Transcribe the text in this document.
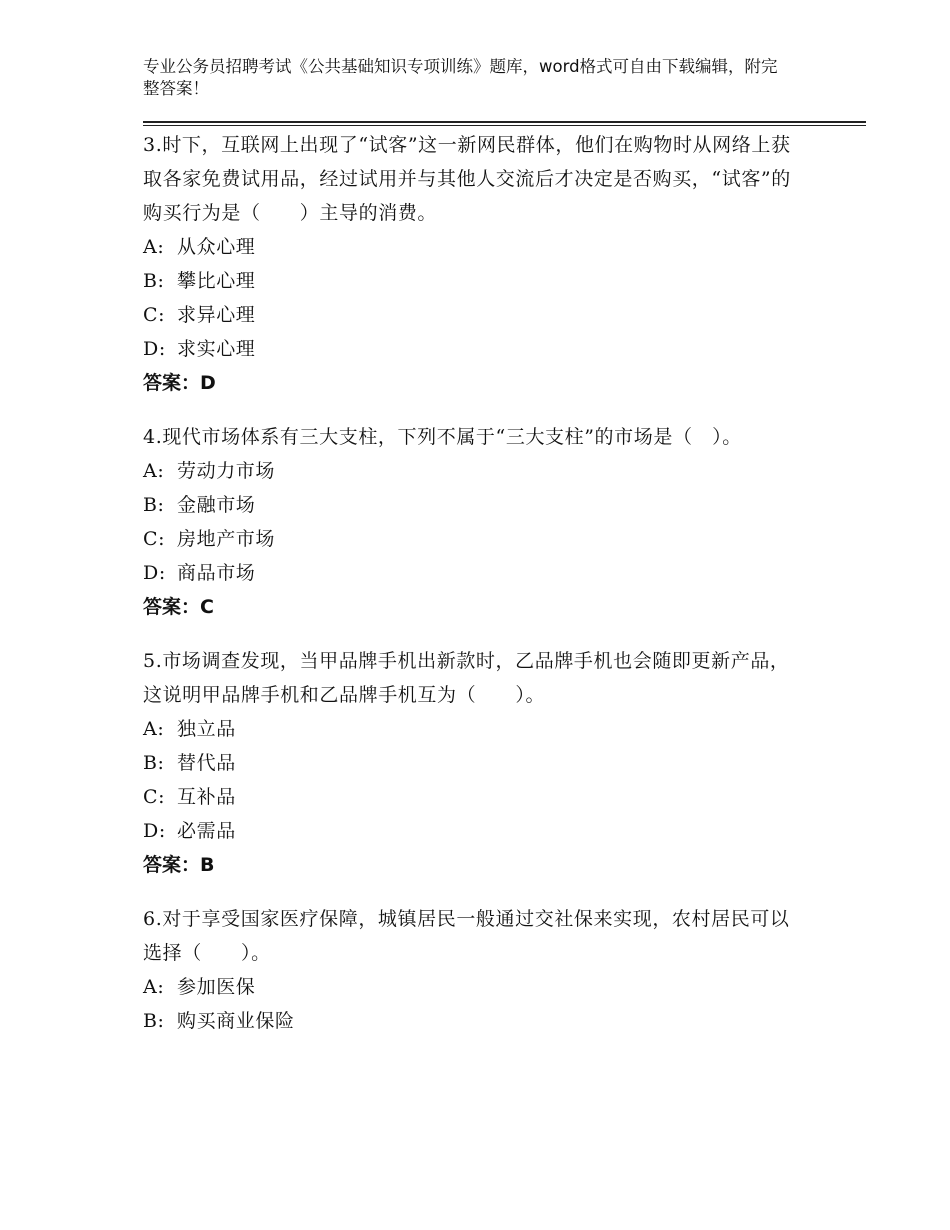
专业公务员招聘考试《公共基础知识专项训练》题库，word格式可自由下载编辑，附完整答案！

3.时下，互联网上出现了“试客”这一新网民群体，他们在购物时从网络上获取各家免费试用品，经过试用并与其他人交流后才决定是否购买，“试客”的购买行为是（　　）主导的消费。

A: 从众心理

B: 攀比心理

C: 求异心理

D: 求实心理

答案：D

4.现代市场体系有三大支柱，下列不属于“三大支柱”的市场是（　）。

A: 劳动力市场

B: 金融市场

C: 房地产市场

D: 商品市场

答案：C

5.市场调查发现，当甲品牌手机出新款时，乙品牌手机也会随即更新产品，这说明甲品牌手机和乙品牌手机互为（　　）。

A: 独立品

B: 替代品

C: 互补品

D: 必需品

答案：B

6.对于享受国家医疗保障，城镇居民一般通过交社保来实现，农村居民可以选择（　　）。

A: 参加医保

B: 购买商业保险
